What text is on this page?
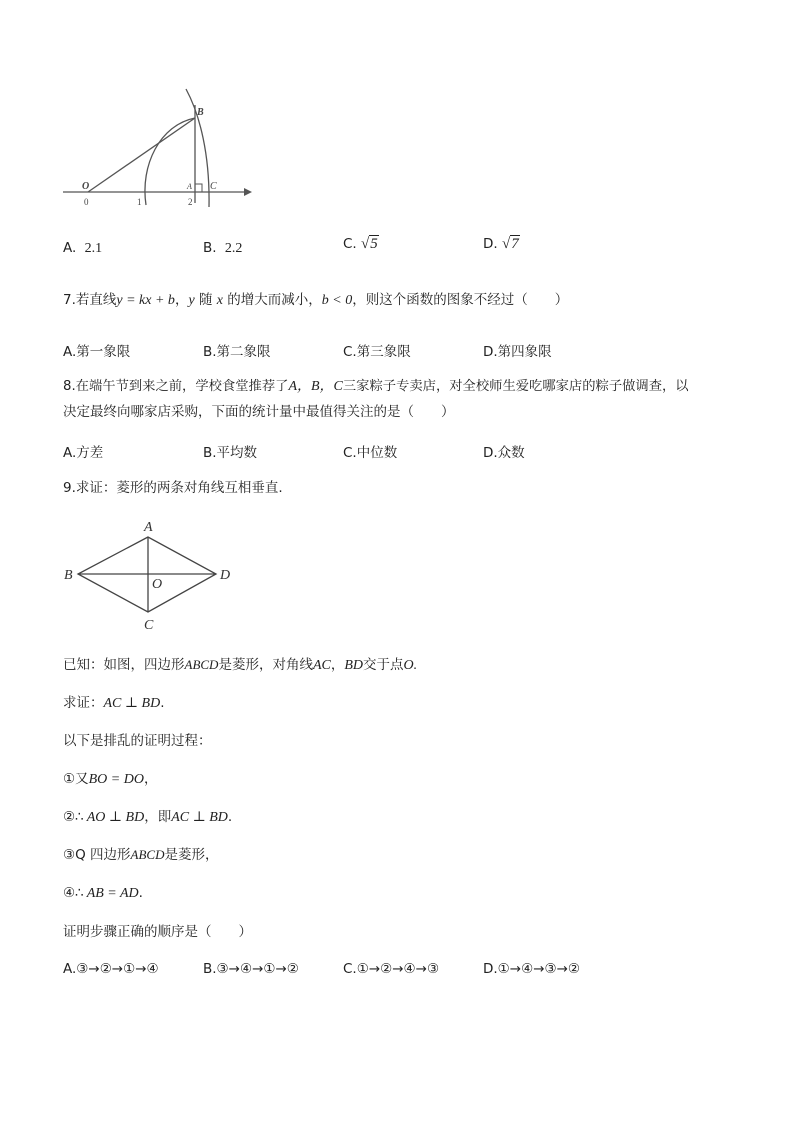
O
B
A C
0	1	2
A. 2.1	B. 2.2	C. √5	D. √7
7.若直线y = kx + b，y 随 x 的增大而减小，b < 0，则这个函数的图象不经过（　　）
A.第一象限	B.第二象限	C.第三象限	D.第四象限
8.在端午节到来之前，学校食堂推荐了A，B，C三家粽子专卖店，对全校师生爱吃哪家店的粽子做调查，以
决定最终向哪家店采购，下面的统计量中最值得关注的是（　　）
A.方差	B.平均数	C.中位数	D.众数
9.求证：菱形的两条对角线互相垂直.
A
B
C
D
O
已知：如图，四边形ABCD是菱形，对角线AC，BD交于点O.
求证：AC ⊥ BD.
以下是排乱的证明过程：
①又BO = DO，
②∴ AO ⊥ BD，即AC ⊥ BD.
③Q 四边形ABCD是菱形，
④∴ AB = AD.
证明步骤正确的顺序是（　　）
A.③→②→①→④	B.③→④→①→②	C.①→②→④→③	D.①→④→③→②
